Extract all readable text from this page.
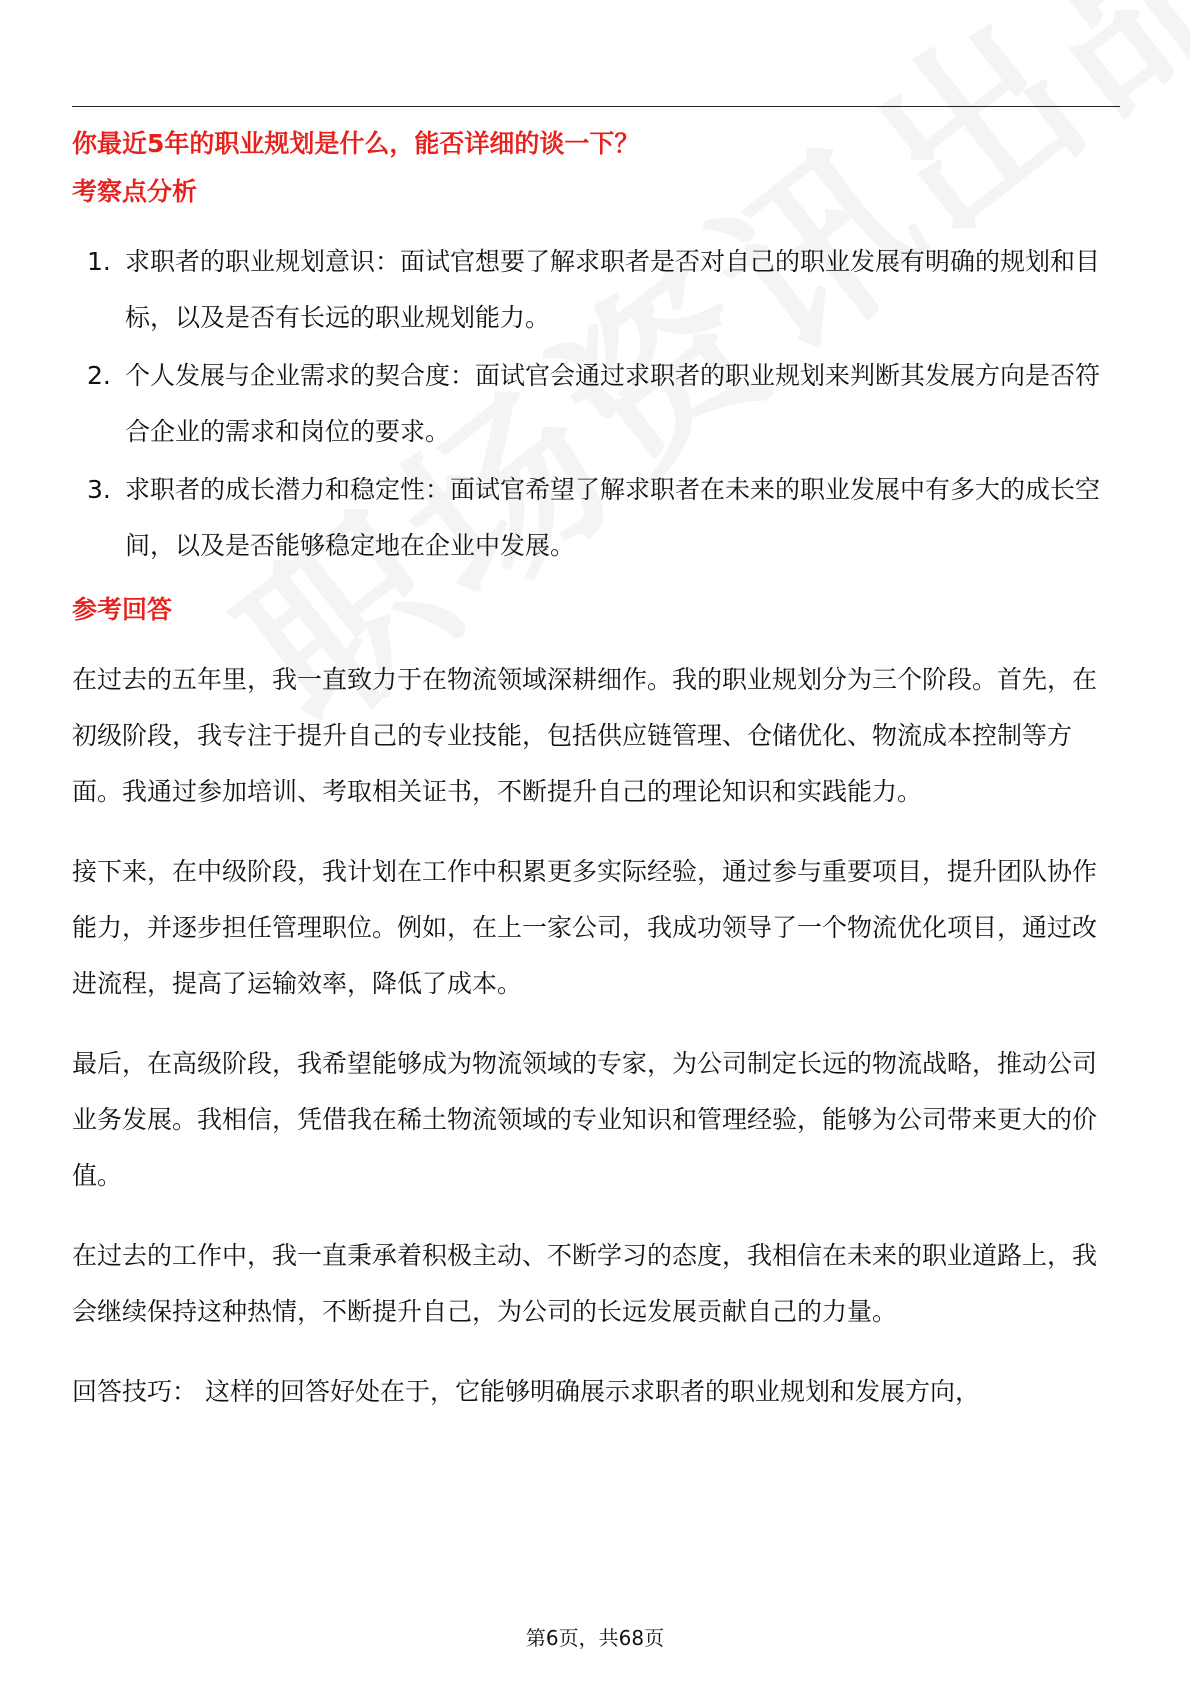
你最近5年的职业规划是什么，能否详细的谈一下？
考察点分析
1. 求职者的职业规划意识：面试官想要了解求职者是否对自己的职业发展有明确的规划和目标，以及是否有长远的职业规划能力。
2. 个人发展与企业需求的契合度：面试官会通过求职者的职业规划来判断其发展方向是否符合企业的需求和岗位的要求。
3. 求职者的成长潜力和稳定性：面试官希望了解求职者在未来的职业发展中有多大的成长空间，以及是否能够稳定地在企业中发展。
参考回答

在过去的五年里，我一直致力于在物流领域深耕细作。我的职业规划分为三个阶段。首先，在初级阶段，我专注于提升自己的专业技能，包括供应链管理、仓储优化、物流成本控制等方面。我通过参加培训、考取相关证书，不断提升自己的理论知识和实践能力。

接下来，在中级阶段，我计划在工作中积累更多实际经验，通过参与重要项目，提升团队协作能力，并逐步担任管理职位。例如，在上一家公司，我成功领导了一个物流优化项目，通过改进流程，提高了运输效率，降低了成本。

最后，在高级阶段，我希望能够成为物流领域的专家，为公司制定长远的物流战略，推动公司业务发展。我相信，凭借我在稀土物流领域的专业知识和管理经验，能够为公司带来更大的价值。

在过去的工作中，我一直秉承着积极主动、不断学习的态度，我相信在未来的职业道路上，我会继续保持这种热情，不断提升自己，为公司的长远发展贡献自己的力量。

回答技巧： 这样的回答好处在于，它能够明确展示求职者的职业规划和发展方向，

第6页，共68页
